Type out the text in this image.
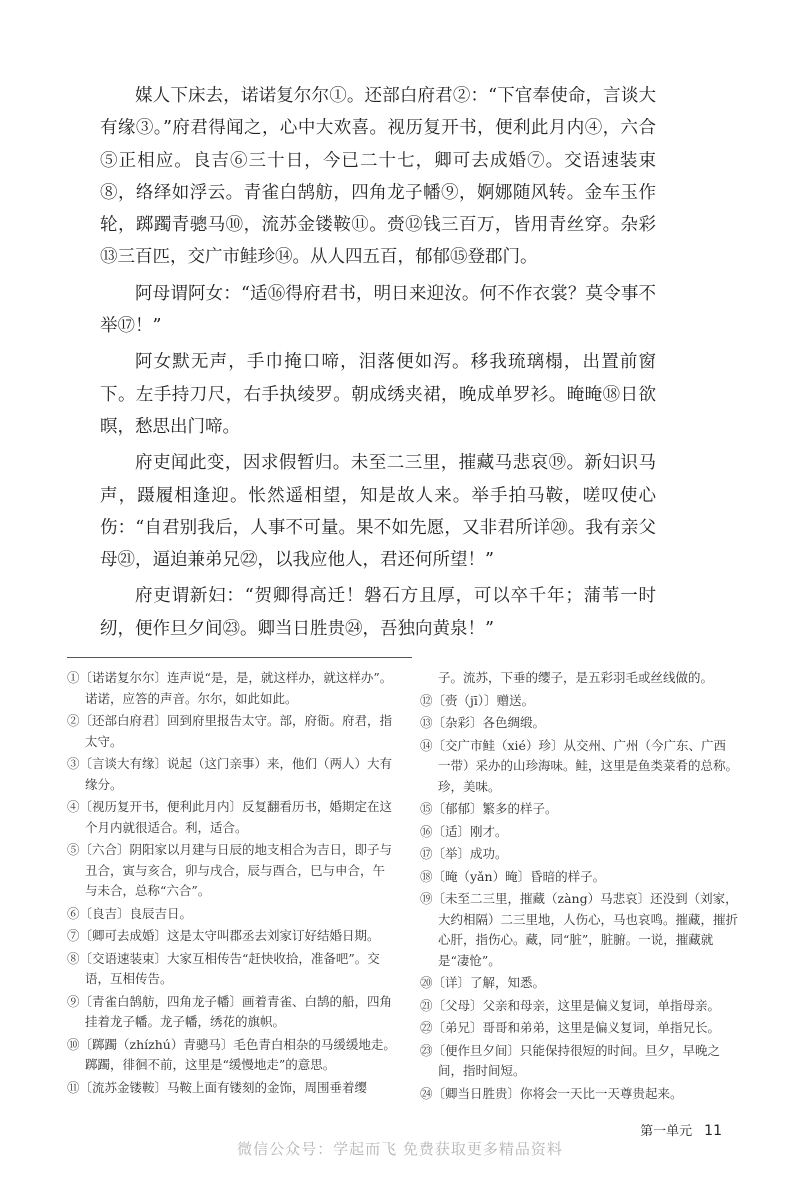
媒人下床去，诺诺复尔尔①。还部白府君②：“下官奉使命，言谈大有缘③。”府君得闻之，心中大欢喜。视历复开书，便利此月内④，六合⑤正相应。良吉⑥三十日，今已二十七，卿可去成婚⑦。交语速装束⑧，络绎如浮云。青雀白鹄舫，四角龙子幡⑨，婀娜随风转。金车玉作轮，踯躅青骢马⑩，流苏金镂鞍⑪。赍⑫钱三百万，皆用青丝穿。杂彩⑬三百匹，交广市鲑珍⑭。从人四五百，郁郁⑮登郡门。

阿母谓阿女：“适⑯得府君书，明日来迎汝。何不作衣裳？莫令事不举⑰！”

阿女默无声，手巾掩口啼，泪落便如泻。移我琉璃榻，出置前窗下。左手持刀尺，右手执绫罗。朝成绣夹裙，晚成单罗衫。晻晻⑱日欲暝，愁思出门啼。

府吏闻此变，因求假暂归。未至二三里，摧藏马悲哀⑲。新妇识马声，蹑履相逢迎。怅然遥相望，知是故人来。举手拍马鞍，嗟叹使心伤：“自君别我后，人事不可量。果不如先愿，又非君所详⑳。我有亲父母㉑，逼迫兼弟兄㉒，以我应他人，君还何所望！”

府吏谓新妇：“贺卿得高迁！磐石方且厚，可以卒千年；蒲苇一时纫，便作旦夕间㉓。卿当日胜贵㉔，吾独向黄泉！”

①〔诺诺复尔尔〕连声说“是，是，就这样办，就这样办”。诺诺，应答的声音。尔尔，如此如此。

②〔还部白府君〕回到府里报告太守。部，府衙。府君，指太守。

③〔言谈大有缘〕说起（这门亲事）来，他们（两人）大有缘分。

④〔视历复开书，便利此月内〕反复翻看历书，婚期定在这个月内就很适合。利，适合。

⑤〔六合〕阴阳家以月建与日辰的地支相合为吉日，即子与丑合，寅与亥合，卯与戌合，辰与酉合，巳与申合，午与未合，总称“六合”。

⑥〔良吉〕良辰吉日。

⑦〔卿可去成婚〕这是太守叫郡丞去刘家订好结婚日期。

⑧〔交语速装束〕大家互相传告“赶快收拾，准备吧”。交语，互相传告。

⑨〔青雀白鹄舫，四角龙子幡〕画着青雀、白鹄的船，四角挂着龙子幡。龙子幡，绣花的旗帜。

⑩〔踯躅（zhízhú）青骢马〕毛色青白相杂的马缓缓地走。踯躅，徘徊不前，这里是“缓慢地走”的意思。

⑪〔流苏金镂鞍〕马鞍上面有镂刻的金饰，周围垂着缨

子。流苏，下垂的缨子，是五彩羽毛或丝线做的。

⑫〔赍（jī）〕赠送。

⑬〔杂彩〕各色绸缎。

⑭〔交广市鲑（xié）珍〕从交州、广州（今广东、广西一带）采办的山珍海味。鲑，这里是鱼类菜肴的总称。珍，美味。

⑮〔郁郁〕繁多的样子。

⑯〔适〕刚才。

⑰〔举〕成功。

⑱〔晻（yǎn）晻〕昏暗的样子。

⑲〔未至二三里，摧藏（zàng）马悲哀〕还没到（刘家，大约相隔）二三里地，人伤心，马也哀鸣。摧藏，摧折心肝，指伤心。藏，同“脏”，脏腑。一说，摧藏就是“凄怆”。

⑳〔详〕了解，知悉。

㉑〔父母〕父亲和母亲，这里是偏义复词，单指母亲。

㉒〔弟兄〕哥哥和弟弟，这里是偏义复词，单指兄长。

㉓〔便作旦夕间〕只能保持很短的时间。旦夕，早晚之间，指时间短。

㉔〔卿当日胜贵〕你将会一天比一天尊贵起来。

第一单元 11
微信公众号：学起而飞 免费获取更多精品资料
